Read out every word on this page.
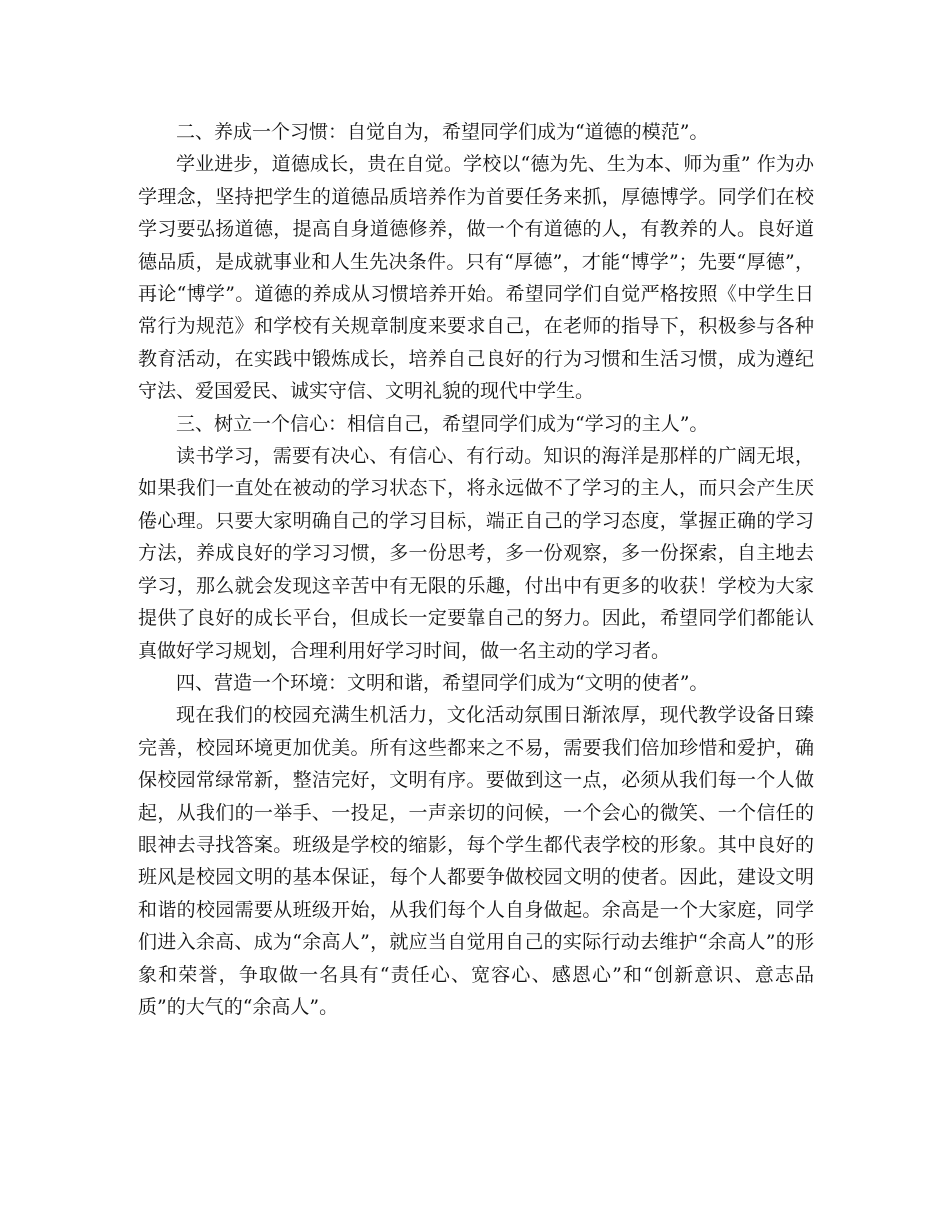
二、养成一个习惯：自觉自为，希望同学们成为“道德的模范”。

学业进步，道德成长，贵在自觉。学校以“德为先、生为本、师为重” 作为办学理念，坚持把学生的道德品质培养作为首要任务来抓，厚德博学。同学们在校学习要弘扬道德，提高自身道德修养，做一个有道德的人，有教养的人。良好道德品质，是成就事业和人生先决条件。只有“厚德”，才能“博学”；先要“厚德”，再论“博学”。道德的养成从习惯培养开始。希望同学们自觉严格按照《中学生日常行为规范》和学校有关规章制度来要求自己，在老师的指导下，积极参与各种教育活动，在实践中锻炼成长，培养自己良好的行为习惯和生活习惯，成为遵纪守法、爱国爱民、诚实守信、文明礼貌的现代中学生。

三、树立一个信心：相信自己，希望同学们成为“学习的主人”。

读书学习，需要有决心、有信心、有行动。知识的海洋是那样的广阔无垠，如果我们一直处在被动的学习状态下，将永远做不了学习的主人，而只会产生厌倦心理。只要大家明确自己的学习目标，端正自己的学习态度，掌握正确的学习方法，养成良好的学习习惯，多一份思考，多一份观察，多一份探索，自主地去学习，那么就会发现这辛苦中有无限的乐趣，付出中有更多的收获！学校为大家提供了良好的成长平台，但成长一定要靠自己的努力。因此，希望同学们都能认真做好学习规划，合理利用好学习时间，做一名主动的学习者。

四、营造一个环境：文明和谐，希望同学们成为“文明的使者”。

现在我们的校园充满生机活力，文化活动氛围日渐浓厚，现代教学设备日臻完善，校园环境更加优美。所有这些都来之不易，需要我们倍加珍惜和爱护，确保校园常绿常新，整洁完好，文明有序。要做到这一点，必须从我们每一个人做起，从我们的一举手、一投足，一声亲切的问候，一个会心的微笑、一个信任的眼神去寻找答案。班级是学校的缩影，每个学生都代表学校的形象。其中良好的班风是校园文明的基本保证，每个人都要争做校园文明的使者。因此，建设文明和谐的校园需要从班级开始，从我们每个人自身做起。余高是一个大家庭，同学们进入余高、成为“余高人”，就应当自觉用自己的实际行动去维护“余高人”的形象和荣誉，争取做一名具有“责任心、宽容心、感恩心”和“创新意识、意志品质”的大气的“余高人”。
